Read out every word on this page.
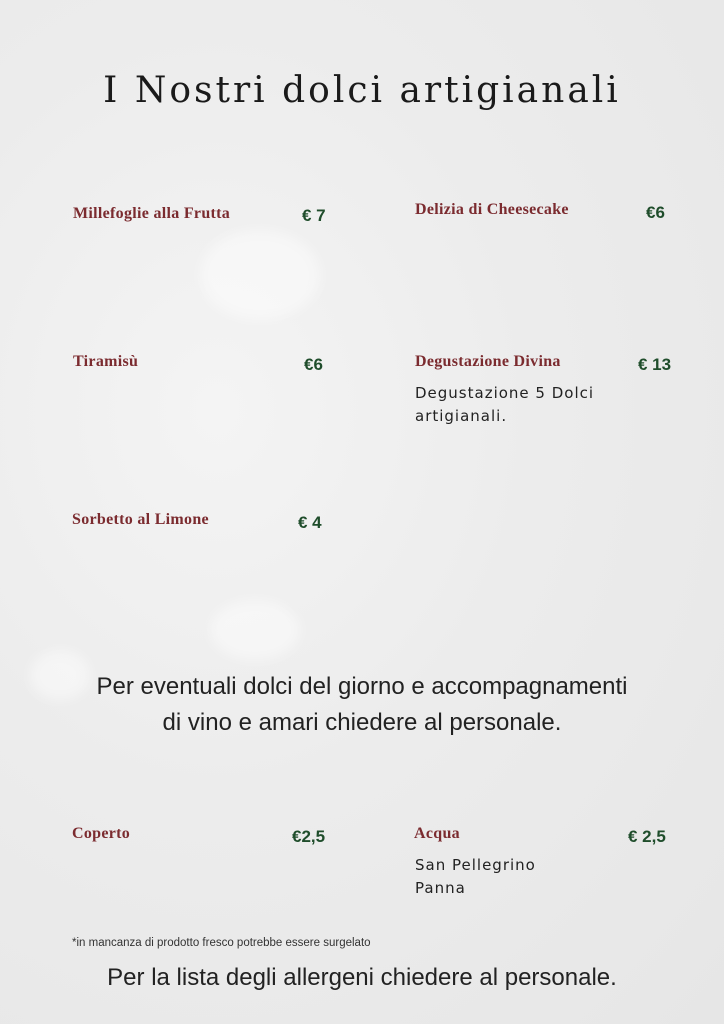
I Nostri dolci artigianali
Millefoglie alla Frutta	€ 7	Delizia di Cheesecake	€6
Tiramisù	€6	Degustazione Divina	€ 13
Degustazione 5 Dolci
artigianali.
Sorbetto al Limone	€ 4
Per eventuali dolci del giorno e accompagnamenti
di vino e amari chiedere al personale.
Coperto	€2,5	Acqua	€ 2,5
San Pellegrino
Panna
*in mancanza di prodotto fresco potrebbe essere surgelato
Per la lista degli allergeni chiedere al personale.
